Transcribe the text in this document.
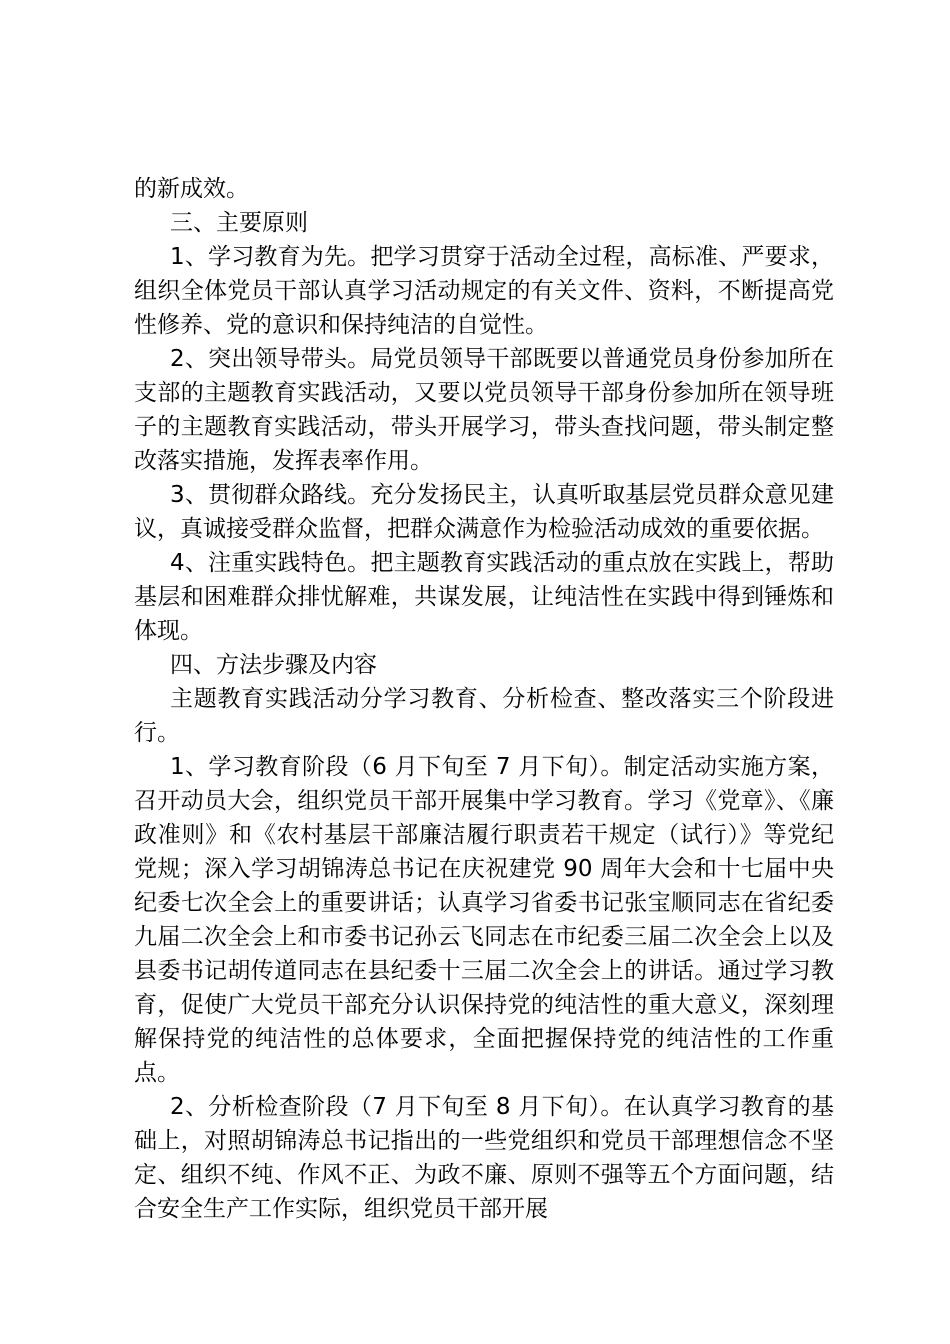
的新成效。

三、主要原则

1、学习教育为先。把学习贯穿于活动全过程，高标准、严要求，组织全体党员干部认真学习活动规定的有关文件、资料，不断提高党性修养、党的意识和保持纯洁的自觉性。

2、突出领导带头。局党员领导干部既要以普通党员身份参加所在支部的主题教育实践活动，又要以党员领导干部身份参加所在领导班子的主题教育实践活动，带头开展学习，带头查找问题，带头制定整改落实措施，发挥表率作用。

3、贯彻群众路线。充分发扬民主，认真听取基层党员群众意见建议，真诚接受群众监督，把群众满意作为检验活动成效的重要依据。

4、注重实践特色。把主题教育实践活动的重点放在实践上，帮助基层和困难群众排忧解难，共谋发展，让纯洁性在实践中得到锤炼和体现。

四、方法步骤及内容

主题教育实践活动分学习教育、分析检查、整改落实三个阶段进行。

1、学习教育阶段（6 月下旬至 7 月下旬）。制定活动实施方案，召开动员大会，组织党员干部开展集中学习教育。学习《党章》、《廉政准则》和《农村基层干部廉洁履行职责若干规定（试行）》等党纪党规；深入学习胡锦涛总书记在庆祝建党 90 周年大会和十七届中央纪委七次全会上的重要讲话；认真学习省委书记张宝顺同志在省纪委九届二次全会上和市委书记孙云飞同志在市纪委三届二次全会上以及县委书记胡传道同志在县纪委十三届二次全会上的讲话。通过学习教育，促使广大党员干部充分认识保持党的纯洁性的重大意义，深刻理解保持党的纯洁性的总体要求，全面把握保持党的纯洁性的工作重点。

2、分析检查阶段（7 月下旬至 8 月下旬）。在认真学习教育的基础上，对照胡锦涛总书记指出的一些党组织和党员干部理想信念不坚定、组织不纯、作风不正、为政不廉、原则不强等五个方面问题，结合安全生产工作实际，组织党员干部开展
